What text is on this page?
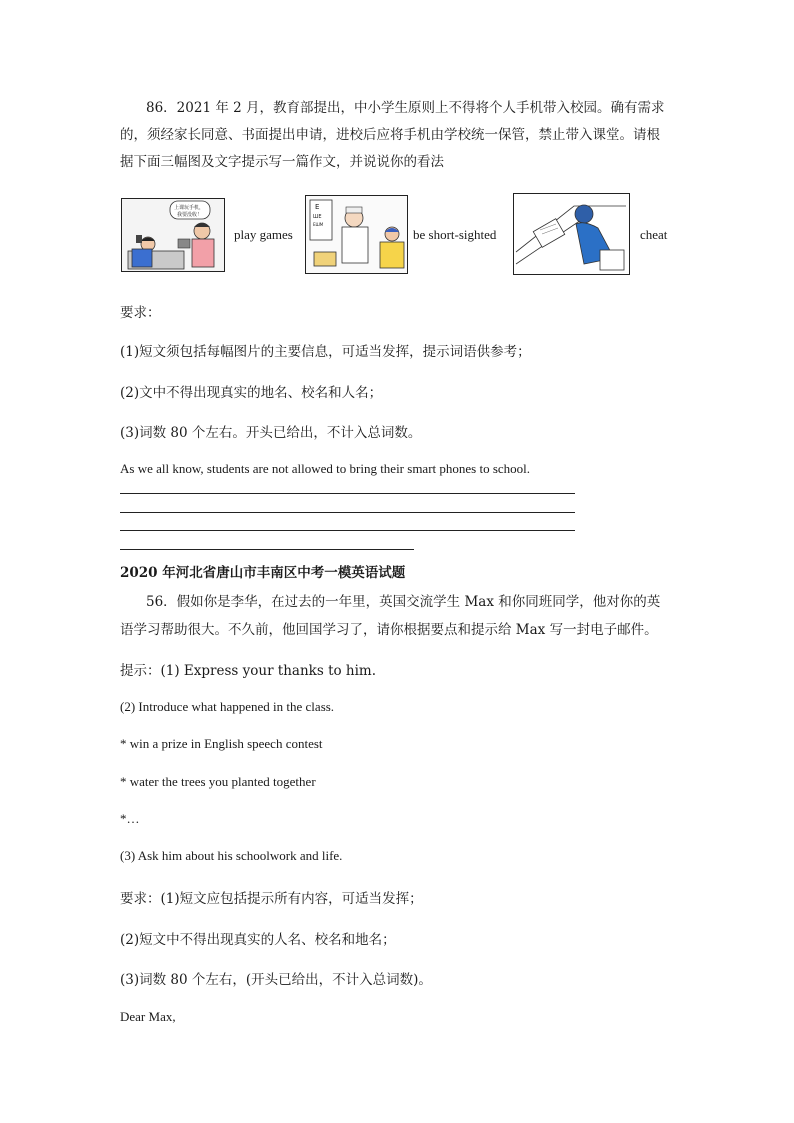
86．2021 年 2 月，教育部提出，中小学生原则上不得将个人手机带入校园。确有需求
的，须经家长同意、书面提出申请，进校后应将手机由学校统一保管，禁止带入课堂。请根
据下面三幅图及文字提示写一篇作文，并说说你的看法
上课玩手机，
我要没收！
play games
E
ШE
EШM
be short-sighted	cheat
要求：
(1)短文须包括每幅图片的主要信息，可适当发挥，提示词语供参考；
(2)文中不得出现真实的地名、校名和人名；
(3)词数 80 个左右。开头已给出，不计入总词数。
As we all know, students are not allowed to bring their smart phones to school.
2020 年河北省唐山市丰南区中考一模英语试题
56．假如你是李华，在过去的一年里，英国交流学生 Max 和你同班同学，他对你的英
语学习帮助很大。不久前，他回国学习了，请你根据要点和提示给 Max 写一封电子邮件。
提示：(1) Express your thanks to him.
(2) Introduce what happened in the class.
* win a prize in English speech contest
* water the trees you planted together
*…
(3) Ask him about his schoolwork and life.
要求：(1)短文应包括提示所有内容，可适当发挥；
(2)短文中不得出现真实的人名、校名和地名；
(3)词数 80 个左右，(开头已给出，不计入总词数)。
Dear Max,
